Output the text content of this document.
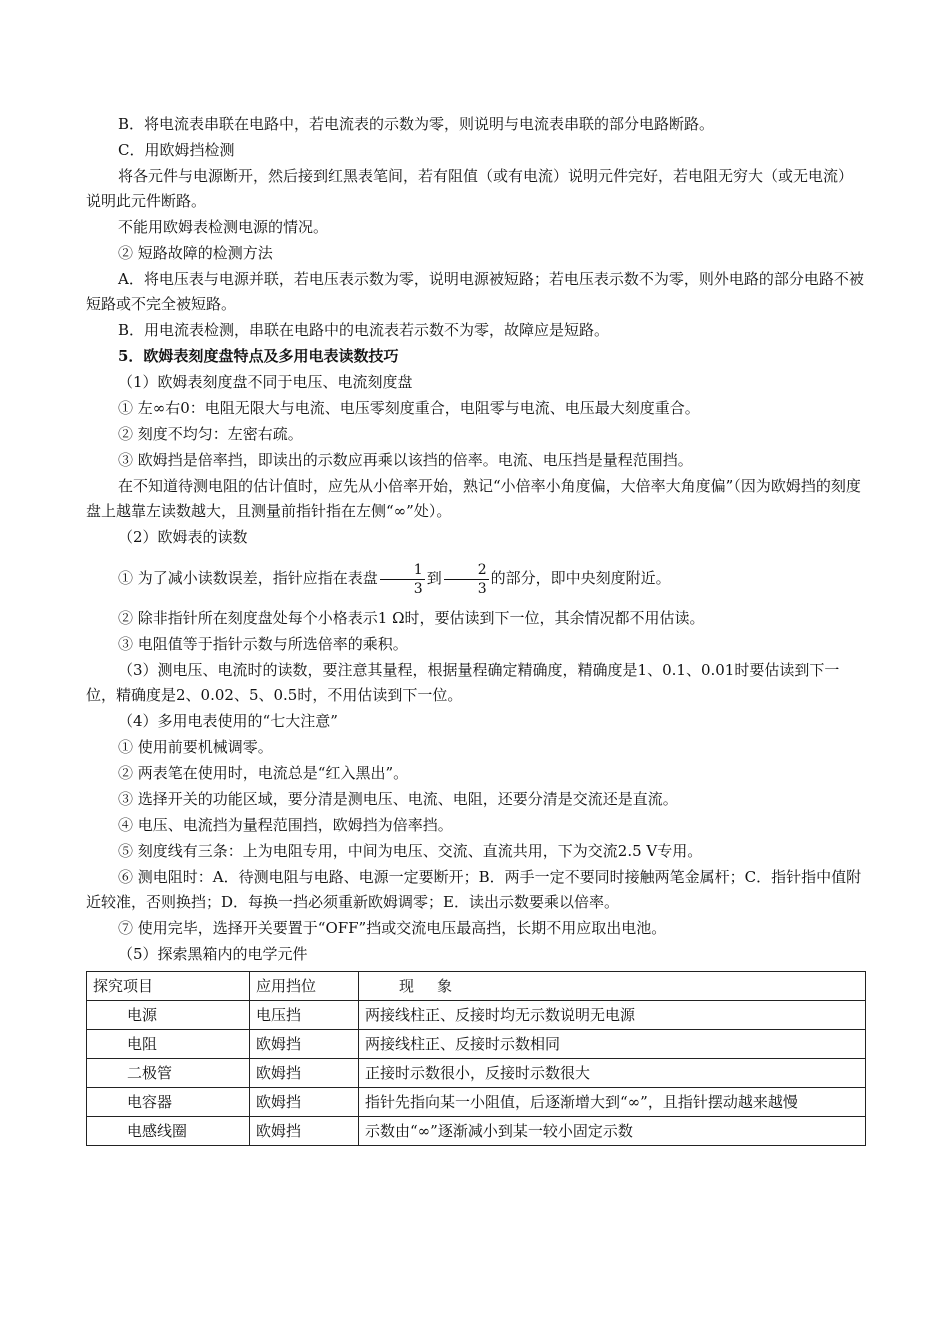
B．将电流表串联在电路中，若电流表的示数为零，则说明与电流表串联的部分电路断路。

C．用欧姆挡检测

将各元件与电源断开，然后接到红黑表笔间，若有阻值（或有电流）说明元件完好，若电阻无穷大（或无电流）说明此元件断路。

不能用欧姆表检测电源的情况。

② 短路故障的检测方法

A．将电压表与电源并联，若电压表示数为零，说明电源被短路；若电压表示数不为零，则外电路的部分电路不被短路或不完全被短路。

B．用电流表检测，串联在电路中的电流表若示数不为零，故障应是短路。

5．欧姆表刻度盘特点及多用电表读数技巧

（1）欧姆表刻度盘不同于电压、电流刻度盘

① 左∞右0：电阻无限大与电流、电压零刻度重合，电阻零与电流、电压最大刻度重合。

② 刻度不均匀：左密右疏。

③ 欧姆挡是倍率挡，即读出的示数应再乘以该挡的倍率。电流、电压挡是量程范围挡。

在不知道待测电阻的估计值时，应先从小倍率开始，熟记“小倍率小角度偏，大倍率大角度偏”（因为欧姆挡的刻度盘上越靠左读数越大，且测量前指针指在左侧“∞”处）。

（2）欧姆表的读数

① 为了减小读数误差，指针应指在表盘 $\frac{1}{3}$ 到 $\frac{2}{3}$ 的部分，即中央刻度附近。

② 除非指针所在刻度盘处每个小格表示1 Ω时，要估读到下一位，其余情况都不用估读。

③ 电阻值等于指针示数与所选倍率的乘积。

（3）测电压、电流时的读数，要注意其量程，根据量程确定精确度，精确度是1、0.1、0.01时要估读到下一位，精确度是2、0.02、5、0.5时，不用估读到下一位。

（4）多用电表使用的“七大注意”

① 使用前要机械调零。

② 两表笔在使用时，电流总是“红入黑出”。

③ 选择开关的功能区域，要分清是测电压、电流、电阻，还要分清是交流还是直流。

④ 电压、电流挡为量程范围挡，欧姆挡为倍率挡。

⑤ 刻度线有三条：上为电阻专用，中间为电压、交流、直流共用，下为交流2.5 V专用。

⑥ 测电阻时：A．待测电阻与电路、电源一定要断开；B．两手一定不要同时接触两笔金属杆；C．指针指中值附近较准，否则换挡；D．每换一挡必须重新欧姆调零；E．读出示数要乘以倍率。

⑦ 使用完毕，选择开关要置于“OFF”挡或交流电压最高挡，长期不用应取出电池。

（5）探索黑箱内的电学元件

探究项目	应用挡位	现　象
电源	电压挡	两接线柱正、反接时均无示数说明无电源
电阻	欧姆挡	两接线柱正、反接时示数相同
二极管	欧姆挡	正接时示数很小，反接时示数很大
电容器	欧姆挡	指针先指向某一小阻值，后逐渐增大到“∞”，且指针摆动越来越慢
电感线圈	欧姆挡	示数由“∞”逐渐减小到某一较小固定示数
